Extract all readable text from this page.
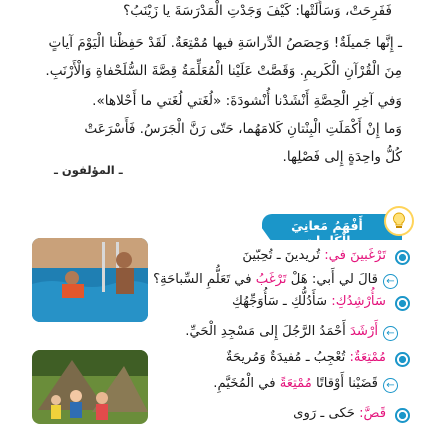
فَفَرِحَتْ، وَسَأَلَتْها: كَيْفَ وَجَدْتِ الْمَدْرَسَةَ يا زَيْنَبُ؟
ـ إِنَّها جَميلَةٌ! وَحِصَصُ الدِّراسَةِ فيها مُمْتِعَةٌ. لَقَدْ حَفِظْنا الْيَوْمَ آياتٍ
مِنَ الْقُرْآنِ الْكَريمِ. وَقَصَّتْ عَلَيْنا الْمُعَلِّمَةُ قِصَّةَ السُّلَحْفاةِ وَالْأَرْنَبِ.
وَفي آخِرِ الْحِصَّةِ أَنْشَدْنا أُنْشودَةَ: «لُغَتي لُغَتي ما أَحْلاها».
وَما إِنْ أَكْمَلَتِ الْبِنْتانِ كَلامَهُما، حَتّى رَنَّ الْجَرَسُ. فَأَسْرَعَتْ
كُلُّ واحِدَةٍ إِلى فَصْلِها.
ـ المؤلفون ـ
أَفْهَمُ مَعانِيَ الْكَلِماتِ
تَرْغَبينَ في: تُريدينَ ـ تُحِبّينَ
←
قالَ لي أَبي: هَلْ تَرْغَبُ في تَعَلُّمِ السِّباحَةِ؟
سَأُرْشِدُكِ: سَأَدُلُّكِ ـ سَأُوَجِّهُكِ
←
أَرْشَدَ أَحْمَدُ الرَّجُلَ إِلى مَسْجِدِ الْحَيِّ.
مُمْتِعَةٌ: تُعْجِبُ ـ مُفيدَةٌ وَمُريحَةٌ
←
قَضَيْنا أَوْقاتًا مُمْتِعَةً في الْمُخَيَّمِ.
قَصَّ: حَكى ـ رَوى
